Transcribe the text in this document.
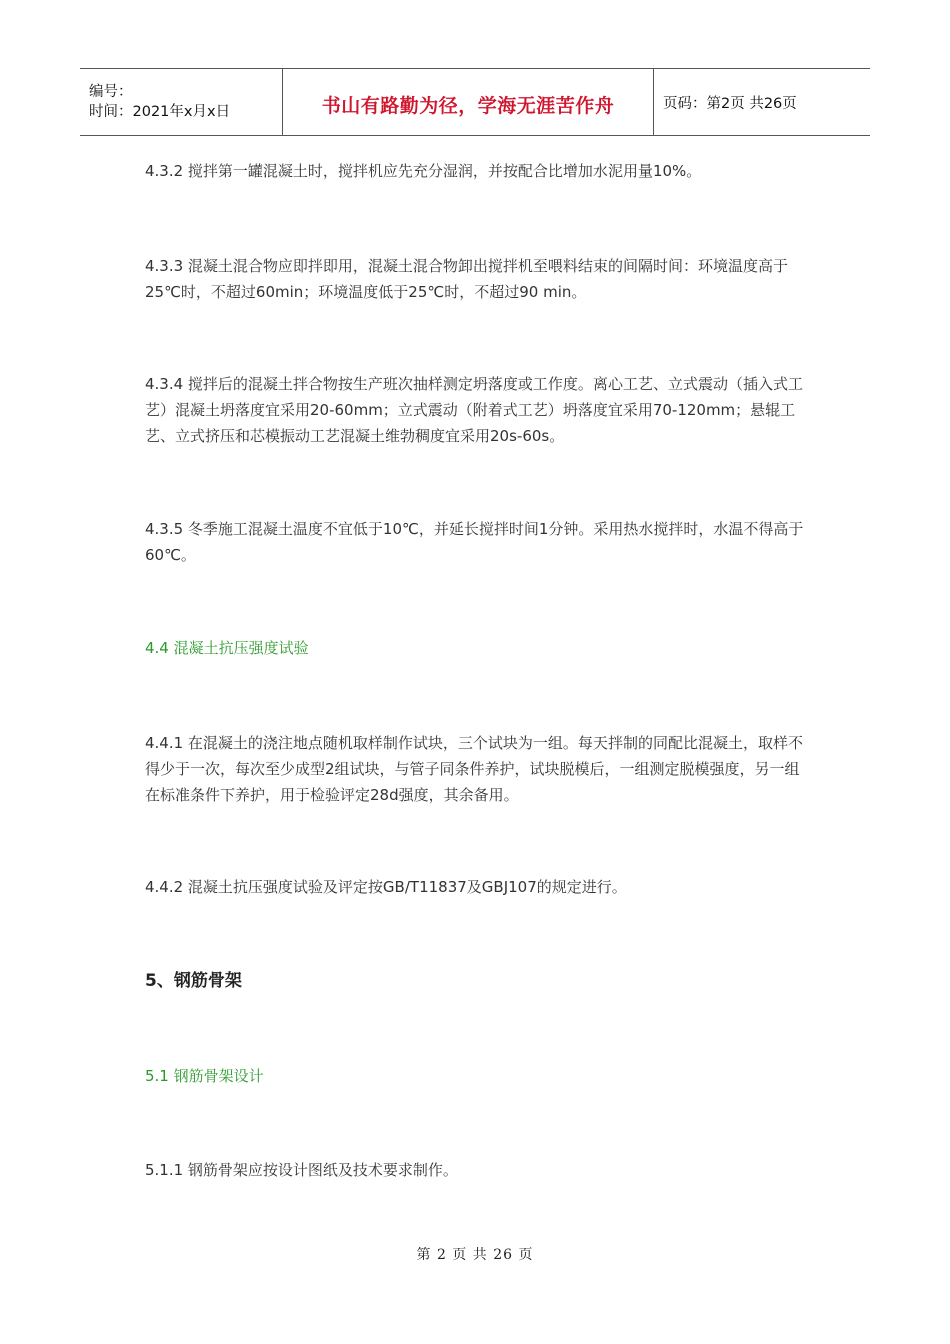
编号：
时间：2021年x月x日	书山有路勤为径，学海无涯苦作舟	页码：第2页 共26页

4.3.2 搅拌第一罐混凝土时，搅拌机应先充分湿润，并按配合比增加水泥用量10%。

4.3.3 混凝土混合物应即拌即用，混凝土混合物卸出搅拌机至喂料结束的间隔时间：环境温度高于25℃时，不超过60min；环境温度低于25℃时，不超过90 min。

4.3.4 搅拌后的混凝土拌合物按生产班次抽样测定坍落度或工作度。离心工艺、立式震动（插入式工艺）混凝土坍落度宜采用20-60mm；立式震动（附着式工艺）坍落度宜采用70-120mm；悬辊工艺、立式挤压和芯模振动工艺混凝土维勃稠度宜采用20s-60s。

4.3.5 冬季施工混凝土温度不宜低于10℃，并延长搅拌时间1分钟。采用热水搅拌时，水温不得高于60℃。

4.4 混凝土抗压强度试验

4.4.1 在混凝土的浇注地点随机取样制作试块，三个试块为一组。每天拌制的同配比混凝土，取样不得少于一次，每次至少成型2组试块，与管子同条件养护，试块脱模后，一组测定脱模强度，另一组在标准条件下养护，用于检验评定28d强度，其余备用。

4.4.2 混凝土抗压强度试验及评定按GB/T11837及GBJ107的规定进行。

5、钢筋骨架

5.1 钢筋骨架设计

5.1.1 钢筋骨架应按设计图纸及技术要求制作。

第 2 页 共 26 页
